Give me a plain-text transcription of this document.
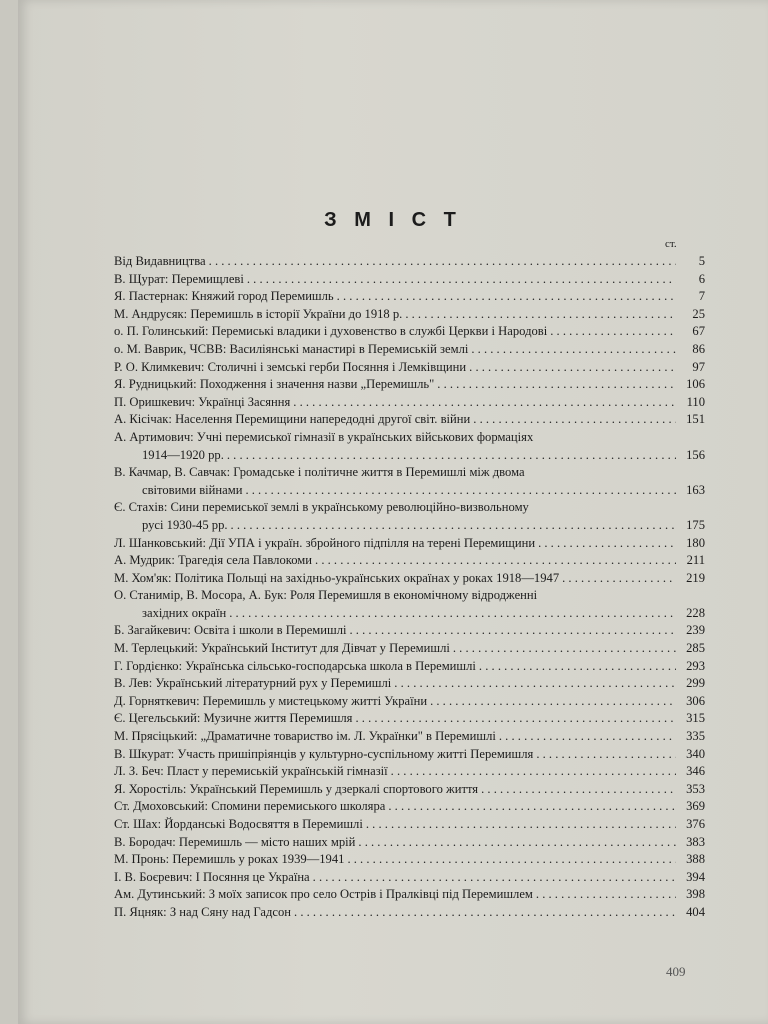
З М І С Т
ст.
Від Видавництва . . .	5
В. Щурат: Перемищлеві . . .	6
Я. Пастернак: Княжий город Перемишль . . .	7
М. Андрусяк: Перемишль в історії України до 1918 р. . . .	25
о. П. Голинський: Перемиські владики і духовенство в службі Церкви і Народові . . .	67
о. М. Ваврик, ЧСВВ: Василіянські манастирі в Перемиській землі . . .	86
Р. О. Климкевич: Столичні і земські герби Посяння і Лемківщини . . .	97
Я. Рудницький: Походження і значення назви „Перемишль" . . .	106
П. Оришкевич: Українці Засяння . . .	110
А. Кісічак: Населення Перемищини напередодні другої світ. війни . . .	151
А. Артимович: Учні перемиської гімназії в українських військових формаціях
1914—1920 рр. . . .	156
В. Качмар, В. Савчак: Громадське і політичне життя в Перемишлі між двома
світовими війнами . . .	163
Є. Стахів: Сини перемиської землі в українському революційно-визвольному
русі 1930-45 рр. . . .	175
Л. Шанковський: Дії УПА і україн. збройного підпілля на терені Перемищини . . .	180
А. Мудрик: Трагедія села Павлокоми . . .	211
М. Хом'як: Політика Польщі на західньо-українських окраїнах у роках 1918—1947 . . .	219
О. Станимір, В. Мосора, А. Бук: Роля Перемишля в економічному відродженні
західних окраїн . . .	228
Б. Загайкевич: Освіта і школи в Перемишлі . . .	239
М. Терлецький: Український Інститут для Дівчат у Перемишлі . . .	285
Г. Гордієнко: Українська сільсько-господарська школа в Перемишлі . . .	293
В. Лев: Український літературний рух у Перемишлі . . .	299
Д. Горняткевич: Перемишль у мистецькому житті України . . .	306
Є. Цегельський: Музичне життя Перемишля . . .	315
М. Прясіцький: „Драматичне товариство ім. Л. Українки" в Перемишлі . . .	335
В. Шкурат: Участь пришіпріянців у культурно-суспільному житті Перемишля . . .	340
Л. З. Беч: Пласт у перемиській українській гімназії . . .	346
Я. Хоростіль: Український Перемишль у дзеркалі спортового життя . . .	353
Ст. Дмоховський: Спомини перемиського школяра . . .	369
Ст. Шах: Йорданські Водосвяття в Перемишлі . . .	376
В. Бородач: Перемишль — місто наших мрій . . .	383
М. Пронь: Перемишль у роках 1939—1941 . . .	388
І. В. Боєревич: І Посяння це Україна . . .	394
Ам. Дутинський: З моїх записок про село Острів і Пралківці під Перемишлем . . .	398
П. Яцняк: З над Сяну над Гадсон . . .	404
409
